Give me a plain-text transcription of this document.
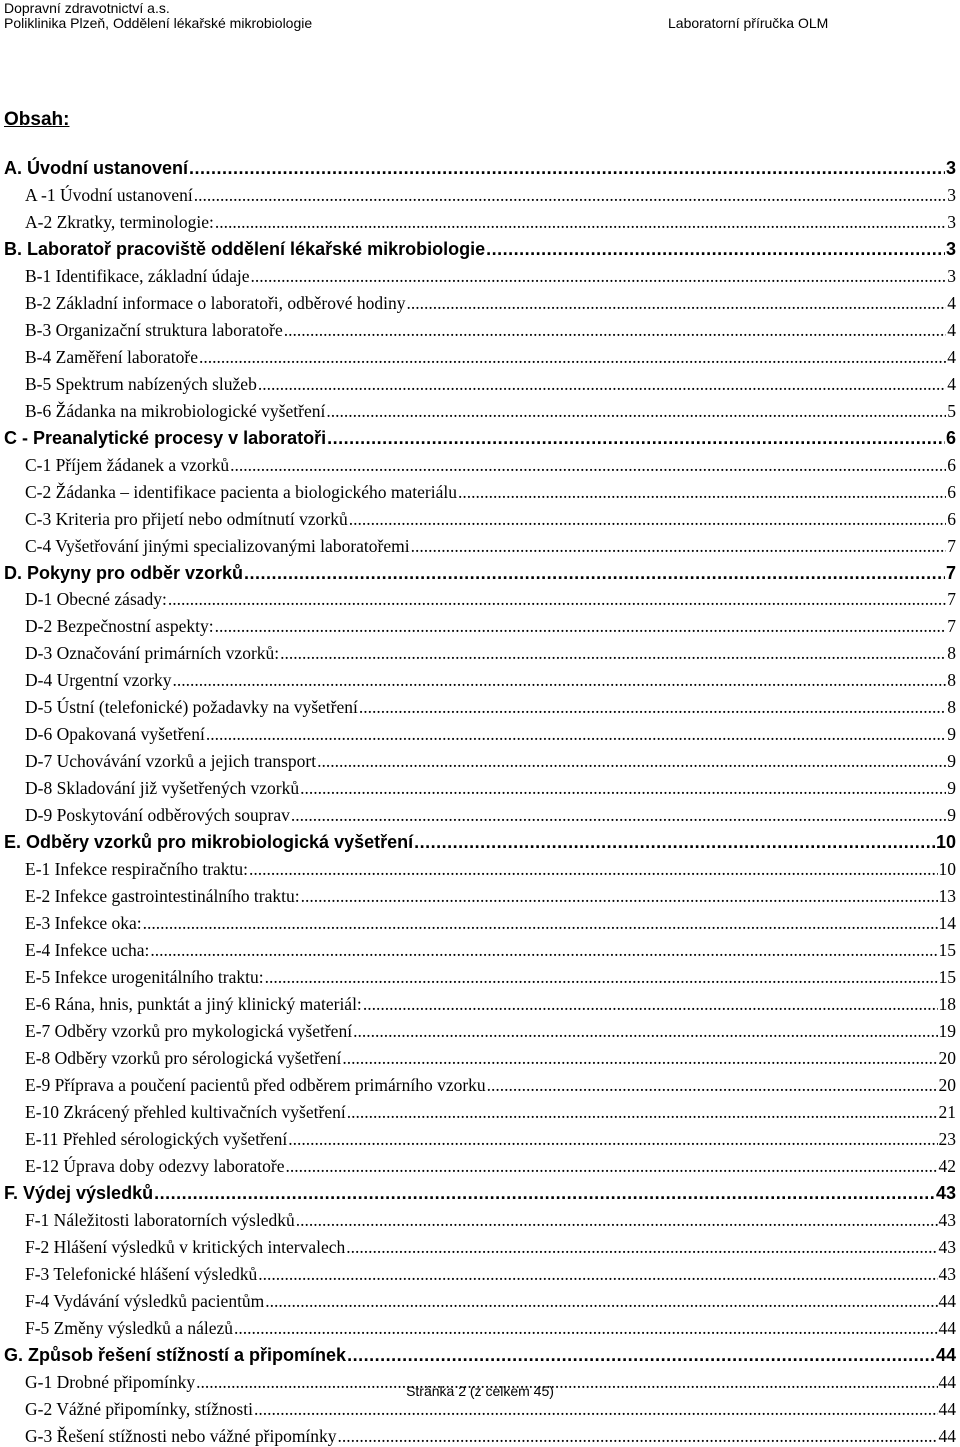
Dopravní zdravotnictví a.s.
Poliklinika Plzeň, Oddělení lékařské mikrobiologie	Laboratorní příručka OLM
Obsah:
A. Úvodní ustanovení .....	3
A -1 Úvodní ustanovení .....	3
A-2 Zkratky, terminologie: .....	3
B. Laboratoř pracoviště oddělení lékařské mikrobiologie .....	3
B-1 Identifikace, základní údaje .....	3
B-2 Základní informace o laboratoři, odběrové hodiny .....	4
B-3 Organizační struktura laboratoře .....	4
B-4 Zaměření laboratoře .....	4
B-5 Spektrum nabízených služeb .....	4
B-6 Žádanka na mikrobiologické vyšetření .....	5
C - Preanalytické procesy v laboratoři .....	6
C-1 Příjem žádanek a vzorků .....	6
C-2 Žádanka – identifikace pacienta a biologického materiálu .....	6
C-3 Kriteria pro přijetí nebo odmítnutí vzorků .....	6
C-4 Vyšetřování jinými specializovanými laboratořemi .....	7
D. Pokyny pro odběr vzorků .....	7
D-1 Obecné zásady: .....	7
D-2 Bezpečnostní aspekty: .....	7
D-3 Označování primárních vzorků: .....	8
D-4 Urgentní vzorky .....	8
D-5 Ústní (telefonické) požadavky na vyšetření .....	8
D-6 Opakovaná vyšetření .....	9
D-7 Uchovávání vzorků a jejich transport .....	9
D-8 Skladování již vyšetřených vzorků .....	9
D-9 Poskytování odběrových souprav .....	9
E. Odběry vzorků pro mikrobiologická vyšetření .....	10
E-1 Infekce respiračního traktu: .....	10
E-2 Infekce gastrointestinálního traktu: .....	13
E-3 Infekce oka: .....	14
E-4 Infekce ucha: .....	15
E-5 Infekce urogenitálního traktu: .....	15
E-6 Rána, hnis, punktát a jiný klinický materiál: .....	18
E-7 Odběry vzorků pro mykologická vyšetření .....	19
E-8 Odběry vzorků pro sérologická vyšetření .....	20
E-9 Příprava a poučení pacientů před odběrem primárního vzorku .....	20
E-10 Zkrácený přehled kultivačních vyšetření .....	21
E-11 Přehled sérologických vyšetření .....	23
E-12 Úprava doby odezvy laboratoře .....	42
F. Výdej výsledků .....	43
F-1 Náležitosti laboratorních výsledků .....	43
F-2 Hlášení výsledků v kritických intervalech .....	43
F-3 Telefonické hlášení výsledků .....	43
F-4 Vydávání výsledků pacientům .....	44
F-5 Změny výsledků a nálezů .....	44
G. Způsob řešení stížností a připomínek .....	44
G-1 Drobné připomínky .....	44
G-2 Vážné připomínky, stížnosti .....	44
G-3 Řešení stížnosti nebo vážné připomínky .....	44
Stránka 2 (z celkem 45)
